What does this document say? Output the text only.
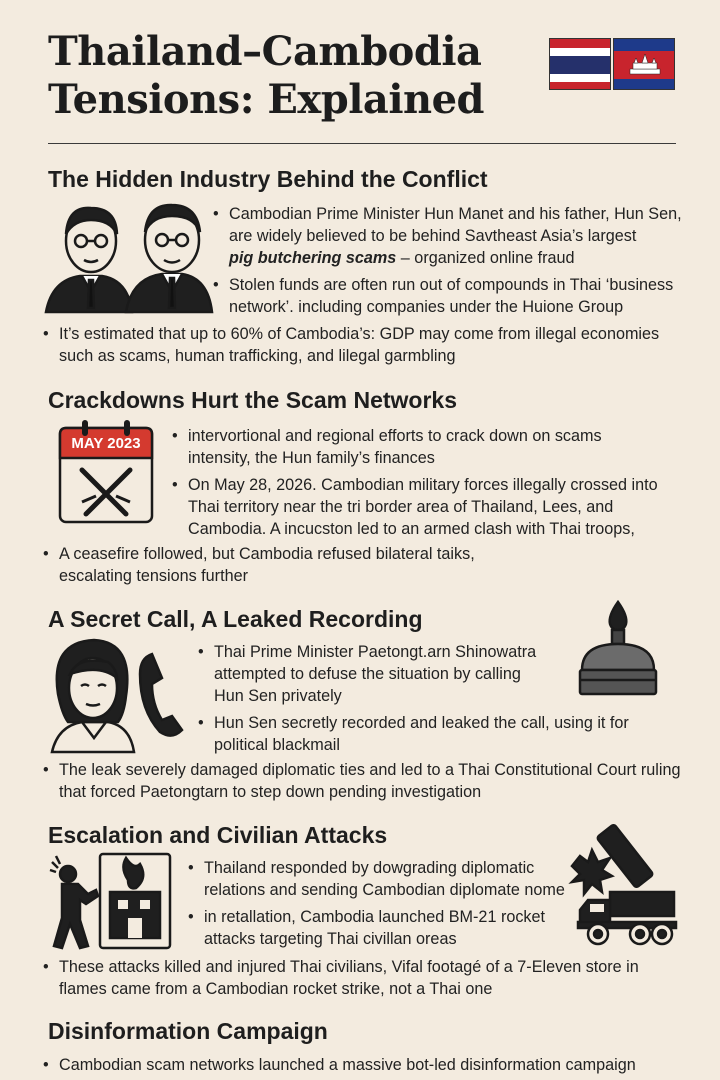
Thailand–Cambodia
Tensions: Explained
The Hidden Industry Behind the Conflict
• Cambodian Prime Minister Hun Manet and his father, Hun Sen,
are widely believed to be behind Savtheast Asia’s largest
pig butchering scams – organized online fraud
• Stolen funds are often run out of compounds in Thai ‘business
network’. including companies under the Huione Group
• It’s estimated that up to 60% of Cambodia’s: GDP may come from illegal economies
such as scams, human trafficking, and lilegal garmbling
Crackdowns Hurt the Scam Networks
MAY 2023	• intervortional and regional efforts to crack down on scams
intensity, the Hun family’s finances
• On May 28, 2026. Cambodian military forces illegally crossed into
Thai territory near the tri border area of Thailand, Lees, and
Cambodia. A incucston led to an armed clash with Thai troops,
• A ceasefire followed, but Cambodia refused bilateral taiks,
escalating tensions further
A Secret Call, A Leaked Recording
• Thai Prime Minister Paetongt.arn Shinowatra
attempted to defuse the situation by calling
Hun Sen privately
• Hun Sen secretly recorded and leaked the call, using it for
political blackmail
• The leak severely damaged diplomatic ties and led to a Thai Constitutional Court ruling
that forced Paetongtarn to step down pending investigation
Escalation and Civilian Attacks
• Thailand responded by dowgrading diplomatic
relations and sending Cambodian diplomate nome
• in retallation, Cambodia launched BM-21 rocket
attacks targeting Thai civillan oreas
• These attacks killed and injured Thai civilians, Vifal footagé of a 7-Eleven store in
flames came from a Cambodian rocket strike, not a Thai one
Disinformation Campaign
• Cambodian scam networks launched a massive bot-led disinformation campaign
